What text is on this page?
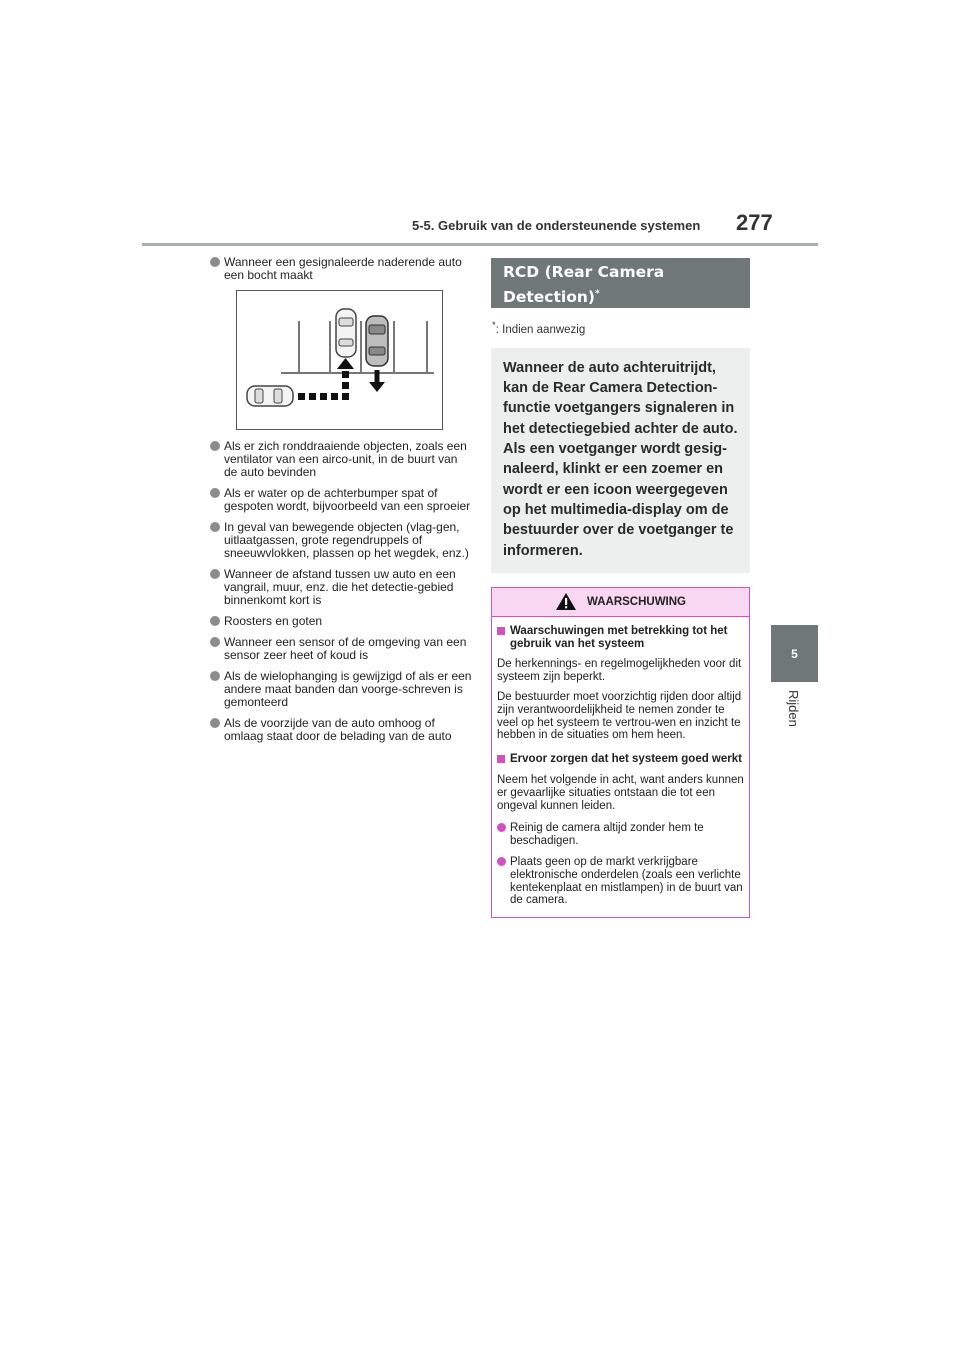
5-5. Gebruik van de ondersteunende systemen 277
5
Rijden
Wanneer een gesignaleerde naderende auto een bocht maakt
Als er zich ronddraaiende objecten, zoals een ventilator van een airco-unit, in de buurt van de auto bevinden
Als er water op de achterbumper spat of gespoten wordt, bijvoorbeeld van een sproeier
In geval van bewegende objecten (vlag-gen, uitlaatgassen, grote regendruppels of sneeuwvlokken, plassen op het wegdek, enz.)
Wanneer de afstand tussen uw auto en een vangrail, muur, enz. die het detectie-gebied binnenkomt kort is
Roosters en goten
Wanneer een sensor of de omgeving van een sensor zeer heet of koud is
Als de wielophanging is gewijzigd of als er een andere maat banden dan voorge-schreven is gemonteerd
Als de voorzijde van de auto omhoog of omlaag staat door de belading van de auto
RCD (Rear Camera Detection)*
*: Indien aanwezig
Wanneer de auto achteruitrijdt, kan de Rear Camera Detection-functie voetgangers signaleren in het detectiegebied achter de auto. Als een voetganger wordt gesig-naleerd, klinkt er een zoemer en wordt er een icoon weergegeven op het multimedia-display om de bestuurder over de voetganger te informeren.
WAARSCHUWING
Waarschuwingen met betrekking tot het gebruik van het systeem
De herkennings- en regelmogelijkheden voor dit systeem zijn beperkt.
De bestuurder moet voorzichtig rijden door altijd zijn verantwoordelijkheid te nemen zonder te veel op het systeem te vertrou-wen en inzicht te hebben in de situaties om hem heen.
Ervoor zorgen dat het systeem goed werkt
Neem het volgende in acht, want anders kunnen er gevaarlijke situaties ontstaan die tot een ongeval kunnen leiden.
Reinig de camera altijd zonder hem te beschadigen.
Plaats geen op de markt verkrijgbare elektronische onderdelen (zoals een verlichte kentekenplaat en mistlampen) in de buurt van de camera.
